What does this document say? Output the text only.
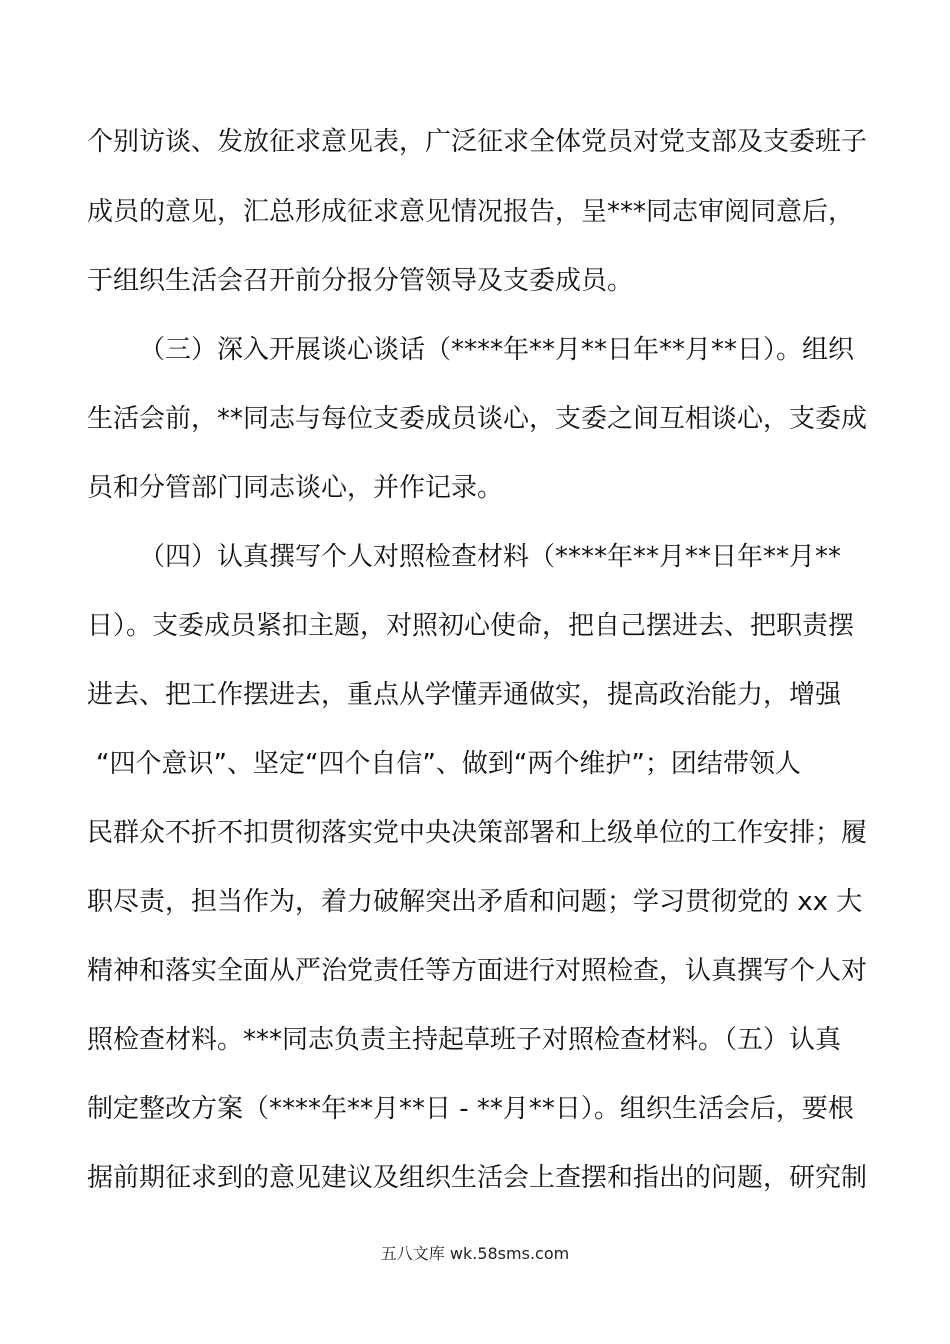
个别访谈、发放征求意见表，广泛征求全体党员对党支部及支委班子
成员的意见，汇总形成征求意见情况报告，呈***同志审阅同意后，
于组织生活会召开前分报分管领导及支委成员。
（三）深入开展谈心谈话（****年**月**日年**月**日）。组织
生活会前，**同志与每位支委成员谈心，支委之间互相谈心，支委成
员和分管部门同志谈心，并作记录。
（四）认真撰写个人对照检查材料（****年**月**日年**月**
日）。支委成员紧扣主题，对照初心使命，把自己摆进去、把职责摆
进去、把工作摆进去，重点从学懂弄通做实，提高政治能力，增强
“四个意识”、坚定“四个自信”、做到“两个维护”；团结带领人
民群众不折不扣贯彻落实党中央决策部署和上级单位的工作安排；履
职尽责，担当作为，着力破解突出矛盾和问题；学习贯彻党的 xx 大
精神和落实全面从严治党责任等方面进行对照检查，认真撰写个人对
照检查材料。***同志负责主持起草班子对照检查材料。（五）认真
制定整改方案（****年**月**日 - **月**日）。组织生活会后，要根
据前期征求到的意见建议及组织生活会上查摆和指出的问题，研究制
五八文库 wk.58sms.com
